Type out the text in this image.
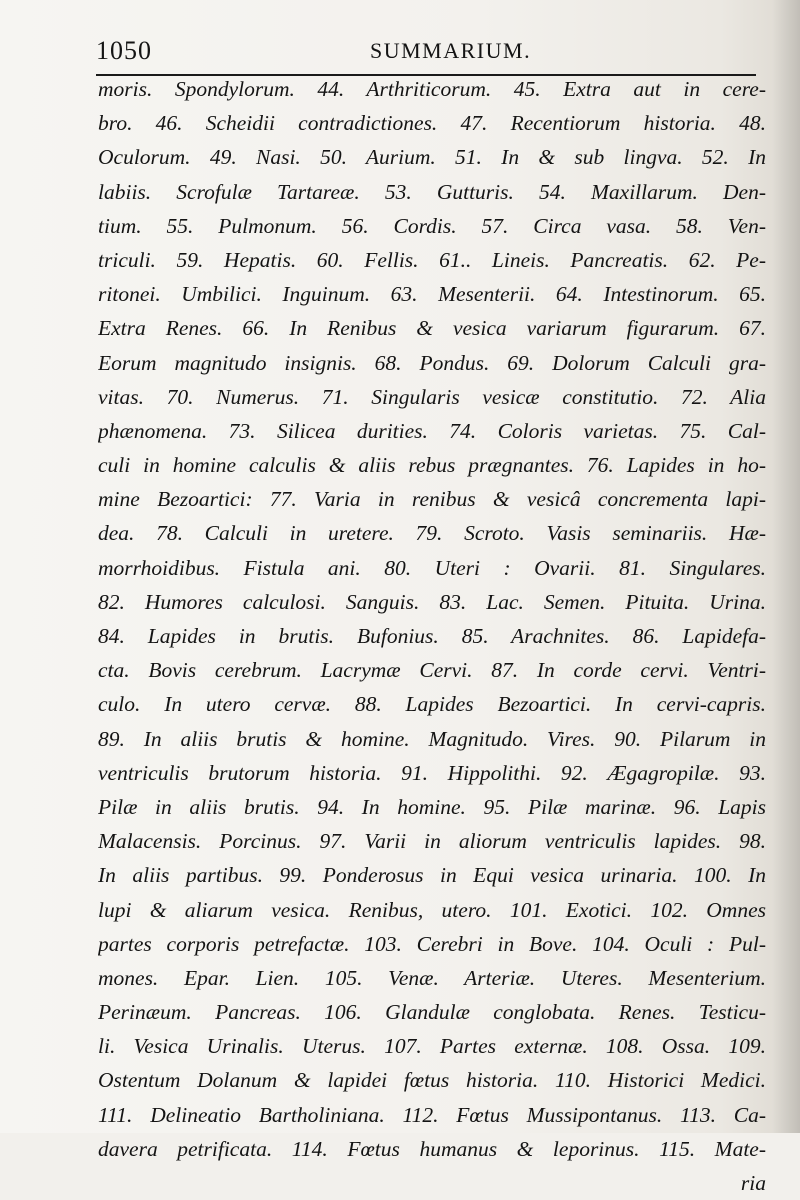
1050	SUMMARIUM.
moris. Spondylorum. 44. Arthriticorum. 45. Extra aut in cere-
bro. 46. Scheidii contradictiones. 47. Recentiorum historia. 48.
Oculorum. 49. Nasi. 50. Aurium. 51. In & sub lingva. 52. In
labiis. Scrofulæ Tartareæ. 53. Gutturis. 54. Maxillarum. Den-
tium. 55. Pulmonum. 56. Cordis. 57. Circa vasa. 58. Ven-
triculi. 59. Hepatis. 60. Fellis. 61.. Lineis. Pancreatis. 62. Pe-
ritonei. Umbilici. Inguinum. 63. Mesenterii. 64. Intestinorum. 65.
Extra Renes. 66. In Renibus & vesica variarum figurarum. 67.
Eorum magnitudo insignis. 68. Pondus. 69. Dolorum Calculi gra-
vitas. 70. Numerus. 71. Singularis vesicæ constitutio. 72. Alia
phænomena. 73. Silicea durities. 74. Coloris varietas. 75. Cal-
culi in homine calculis & aliis rebus prægnantes. 76. Lapides in ho-
mine Bezoartici: 77. Varia in renibus & vesicâ concrementa lapi-
dea. 78. Calculi in uretere. 79. Scroto. Vasis seminariis. Hæ-
morrhoidibus. Fistula ani. 80. Uteri : Ovarii. 81. Singulares.
82. Humores calculosi. Sanguis. 83. Lac. Semen. Pituita. Urina.
84. Lapides in brutis. Bufonius. 85. Arachnites. 86. Lapidefa-
cta. Bovis cerebrum. Lacrymæ Cervi. 87. In corde cervi. Ventri-
culo. In utero cervæ. 88. Lapides Bezoartici. In cervi-capris.
89. In aliis brutis & homine. Magnitudo. Vires. 90. Pilarum in
ventriculis brutorum historia. 91. Hippolithi. 92. Ægagropilæ. 93.
Pilæ in aliis brutis. 94. In homine. 95. Pilæ marinæ. 96. Lapis
Malacensis. Porcinus. 97. Varii in aliorum ventriculis lapides. 98.
In aliis partibus. 99. Ponderosus in Equi vesica urinaria. 100. In
lupi & aliarum vesica. Renibus, utero. 101. Exotici. 102. Omnes
partes corporis petrefactæ. 103. Cerebri in Bove. 104. Oculi : Pul-
mones. Epar. Lien. 105. Venæ. Arteriæ. Uteres. Mesenterium.
Perinæum. Pancreas. 106. Glandulæ conglobata. Renes. Testicu-
li. Vesica Urinalis. Uterus. 107. Partes externæ. 108. Ossa. 109.
Ostentum Dolanum & lapidei fœtus historia. 110. Historici Medici.
111. Delineatio Bartholiniana. 112. Fœtus Mussipontanus. 113. Ca-
davera petrificata. 114. Fœtus humanus & leporinus. 115. Mate-
ria
